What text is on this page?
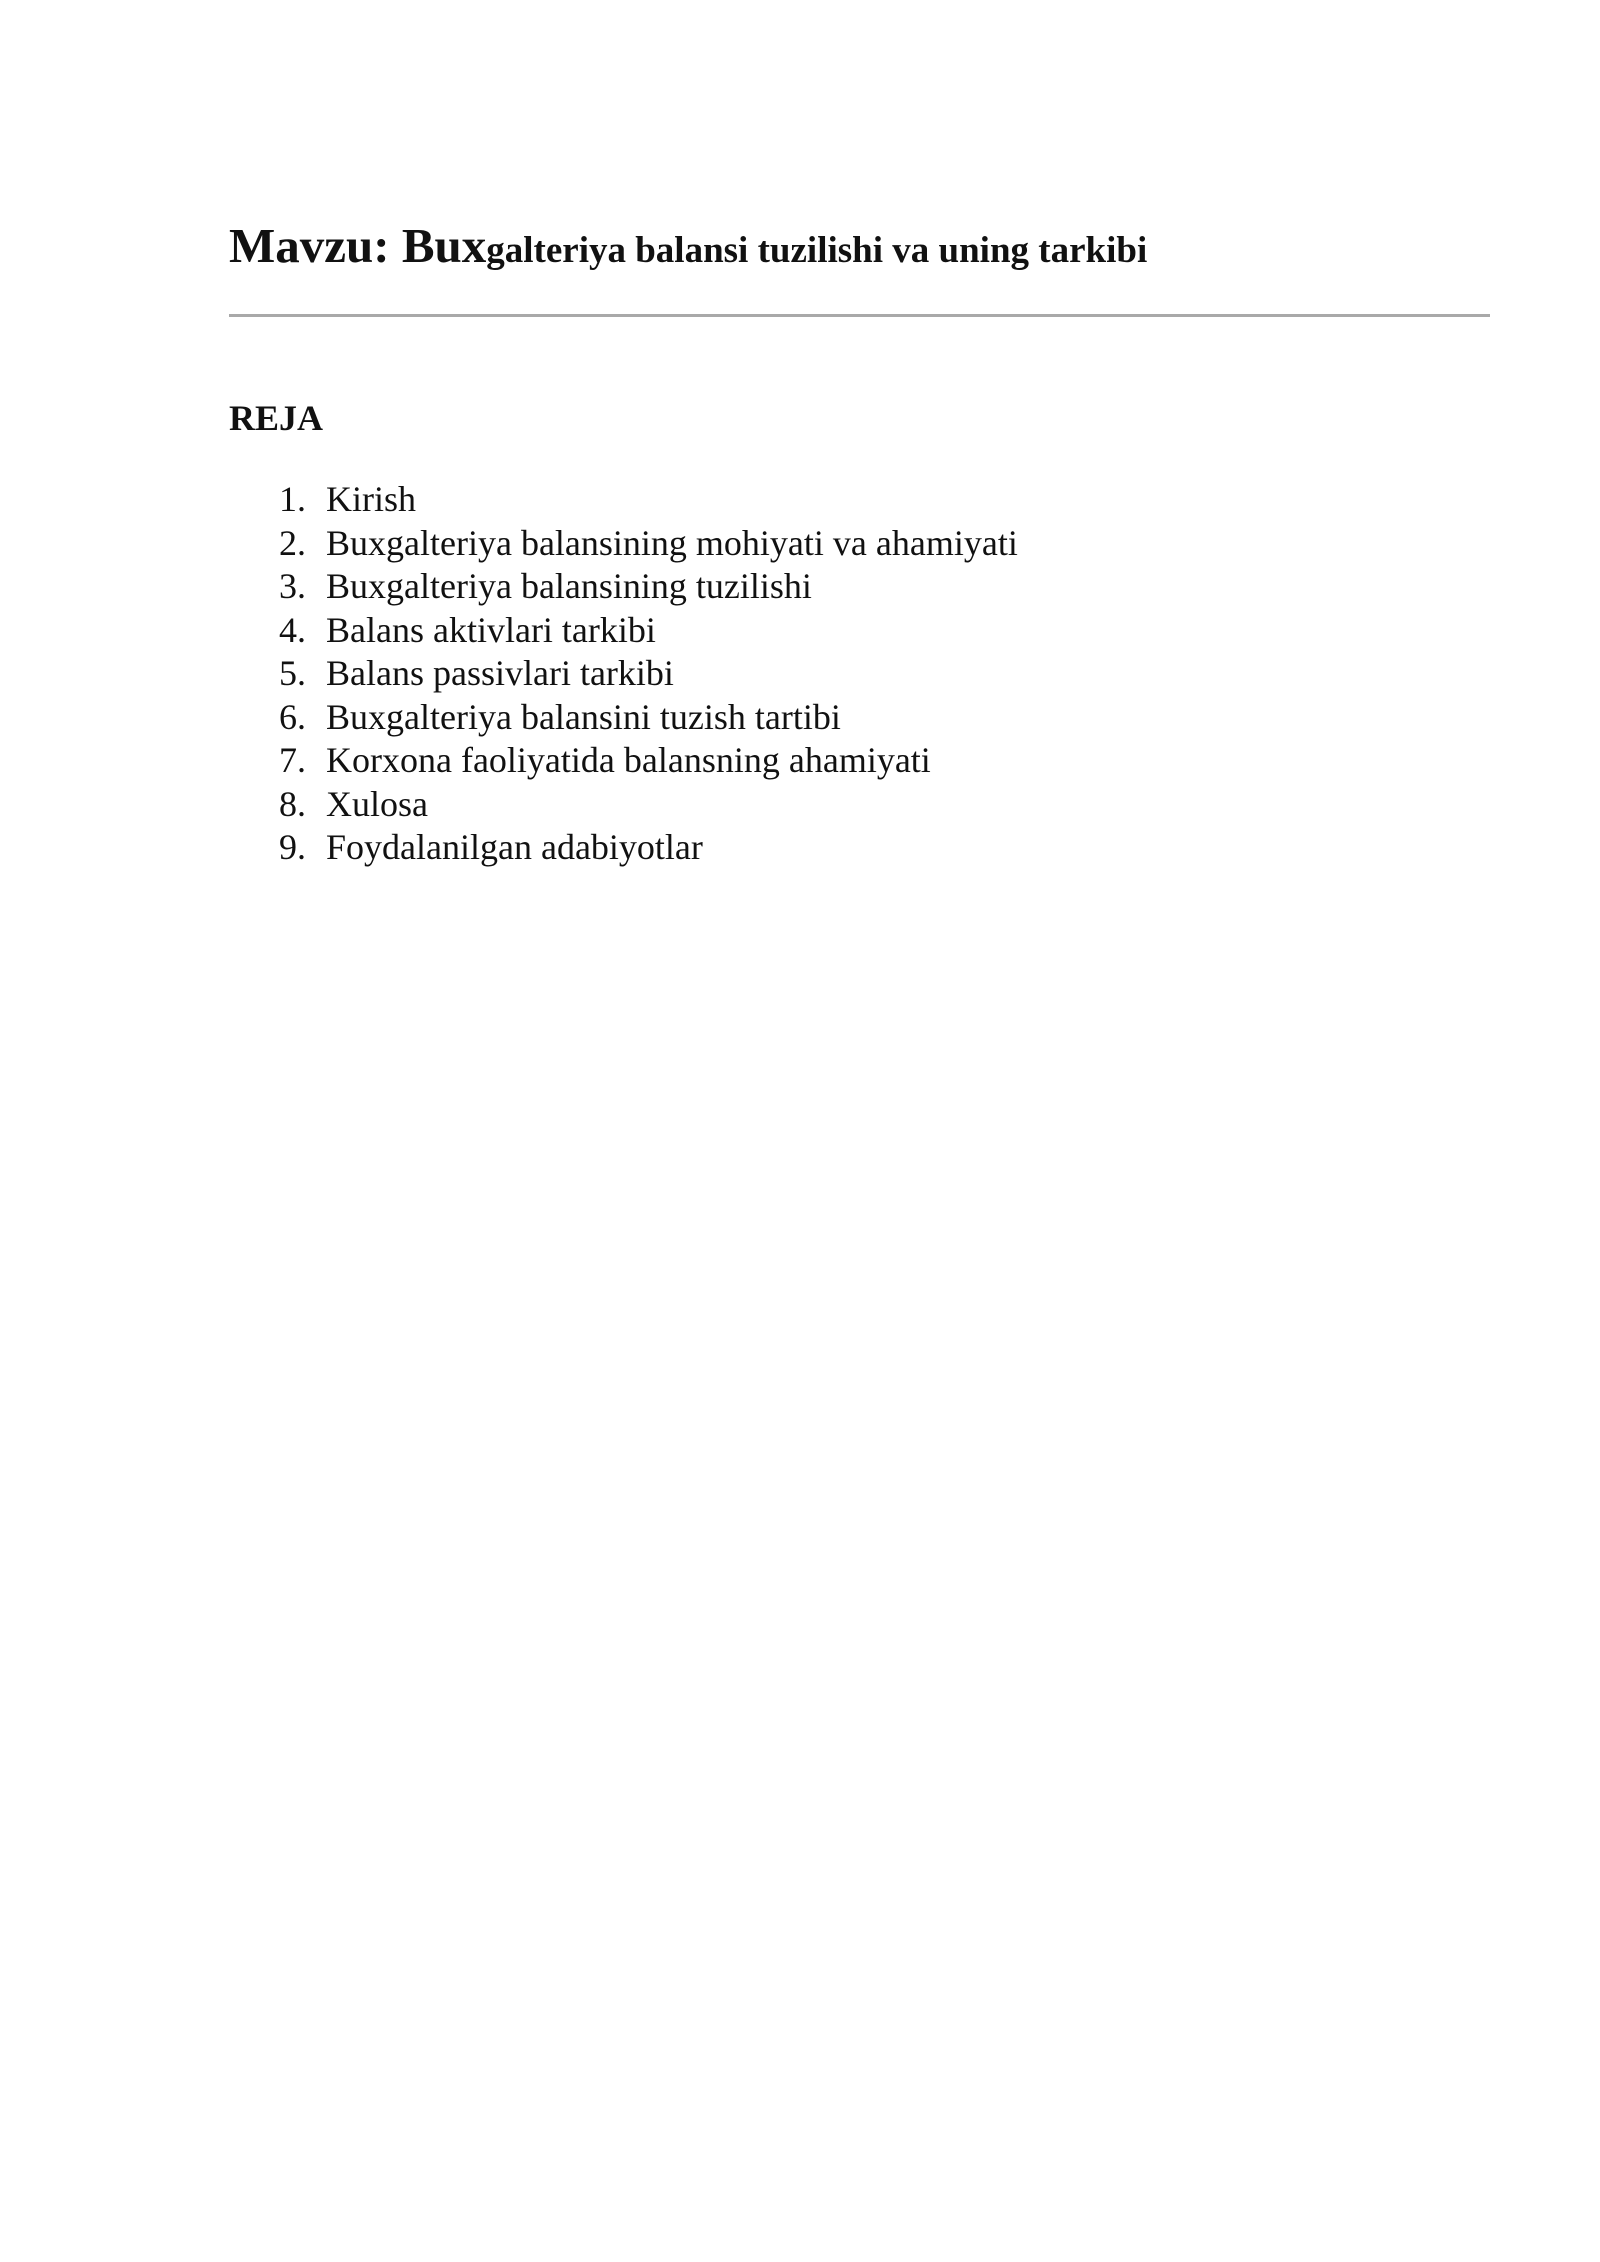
Mavzu: Buxgalteriya balansi tuzilishi va uning tarkibi
REJA
1. Kirish
2. Buxgalteriya balansining mohiyati va ahamiyati
3. Buxgalteriya balansining tuzilishi
4. Balans aktivlari tarkibi
5. Balans passivlari tarkibi
6. Buxgalteriya balansini tuzish tartibi
7. Korxona faoliyatida balansning ahamiyati
8. Xulosa
9. Foydalanilgan adabiyotlar
